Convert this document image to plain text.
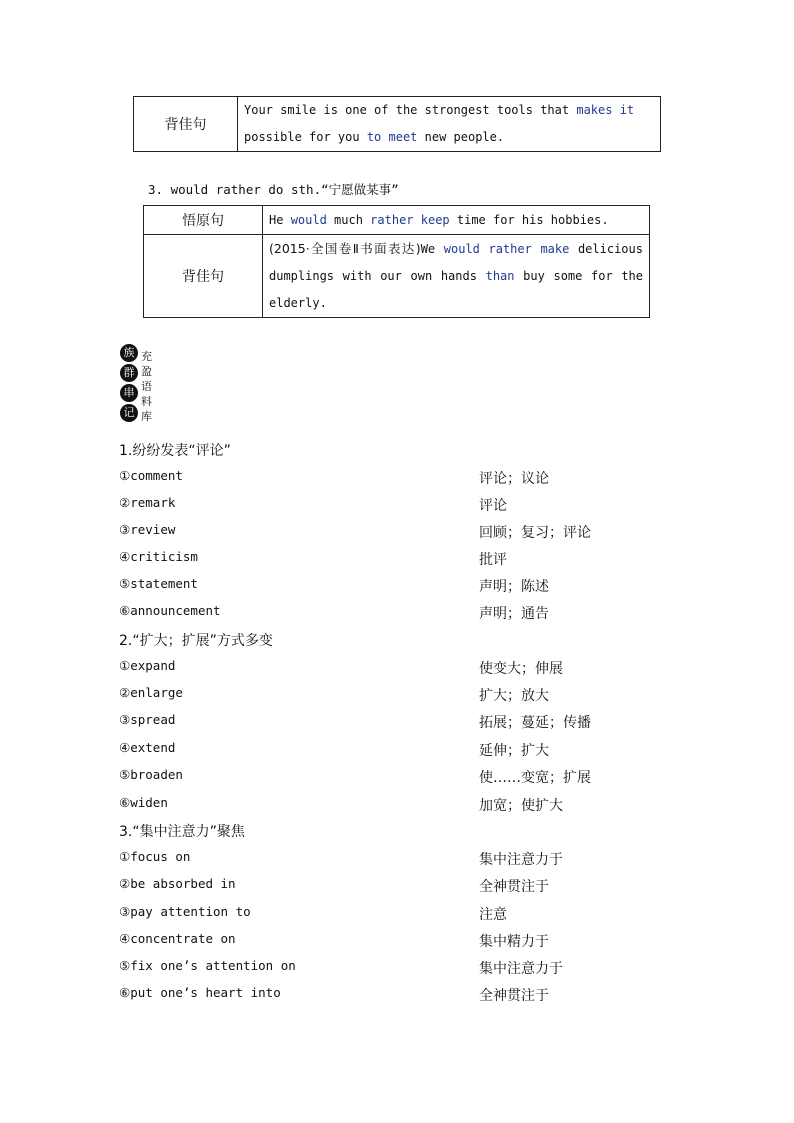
背佳句	Your smile is one of the strongest tools that makes it possible for you to meet new people.
3. would rather do sth.“宁愿做某事”
悟原句	He would much rather keep time for his hobbies.
背佳句	(2015·全国卷Ⅱ书面表达)We would rather make delicious dumplings with our own hands than buy some for the elderly.
族
群
串
记
充
盈
语
料
库
1.纷纷发表“评论”
①comment	评论；议论
②remark	评论
③review	回顾；复习；评论
④criticism	批评
⑤statement	声明；陈述
⑥announcement	声明；通告
2.“扩大；扩展”方式多变
①expand	使变大；伸展
②enlarge	扩大；放大
③spread	拓展；蔓延；传播
④extend	延伸；扩大
⑤broaden	使……变宽；扩展
⑥widen	加宽；使扩大
3.“集中注意力”聚焦
①focus on	集中注意力于
②be absorbed in	全神贯注于
③pay attention to	注意
④concentrate on	集中精力于
⑤fix one’s attention on	集中注意力于
⑥put one’s heart into	全神贯注于
